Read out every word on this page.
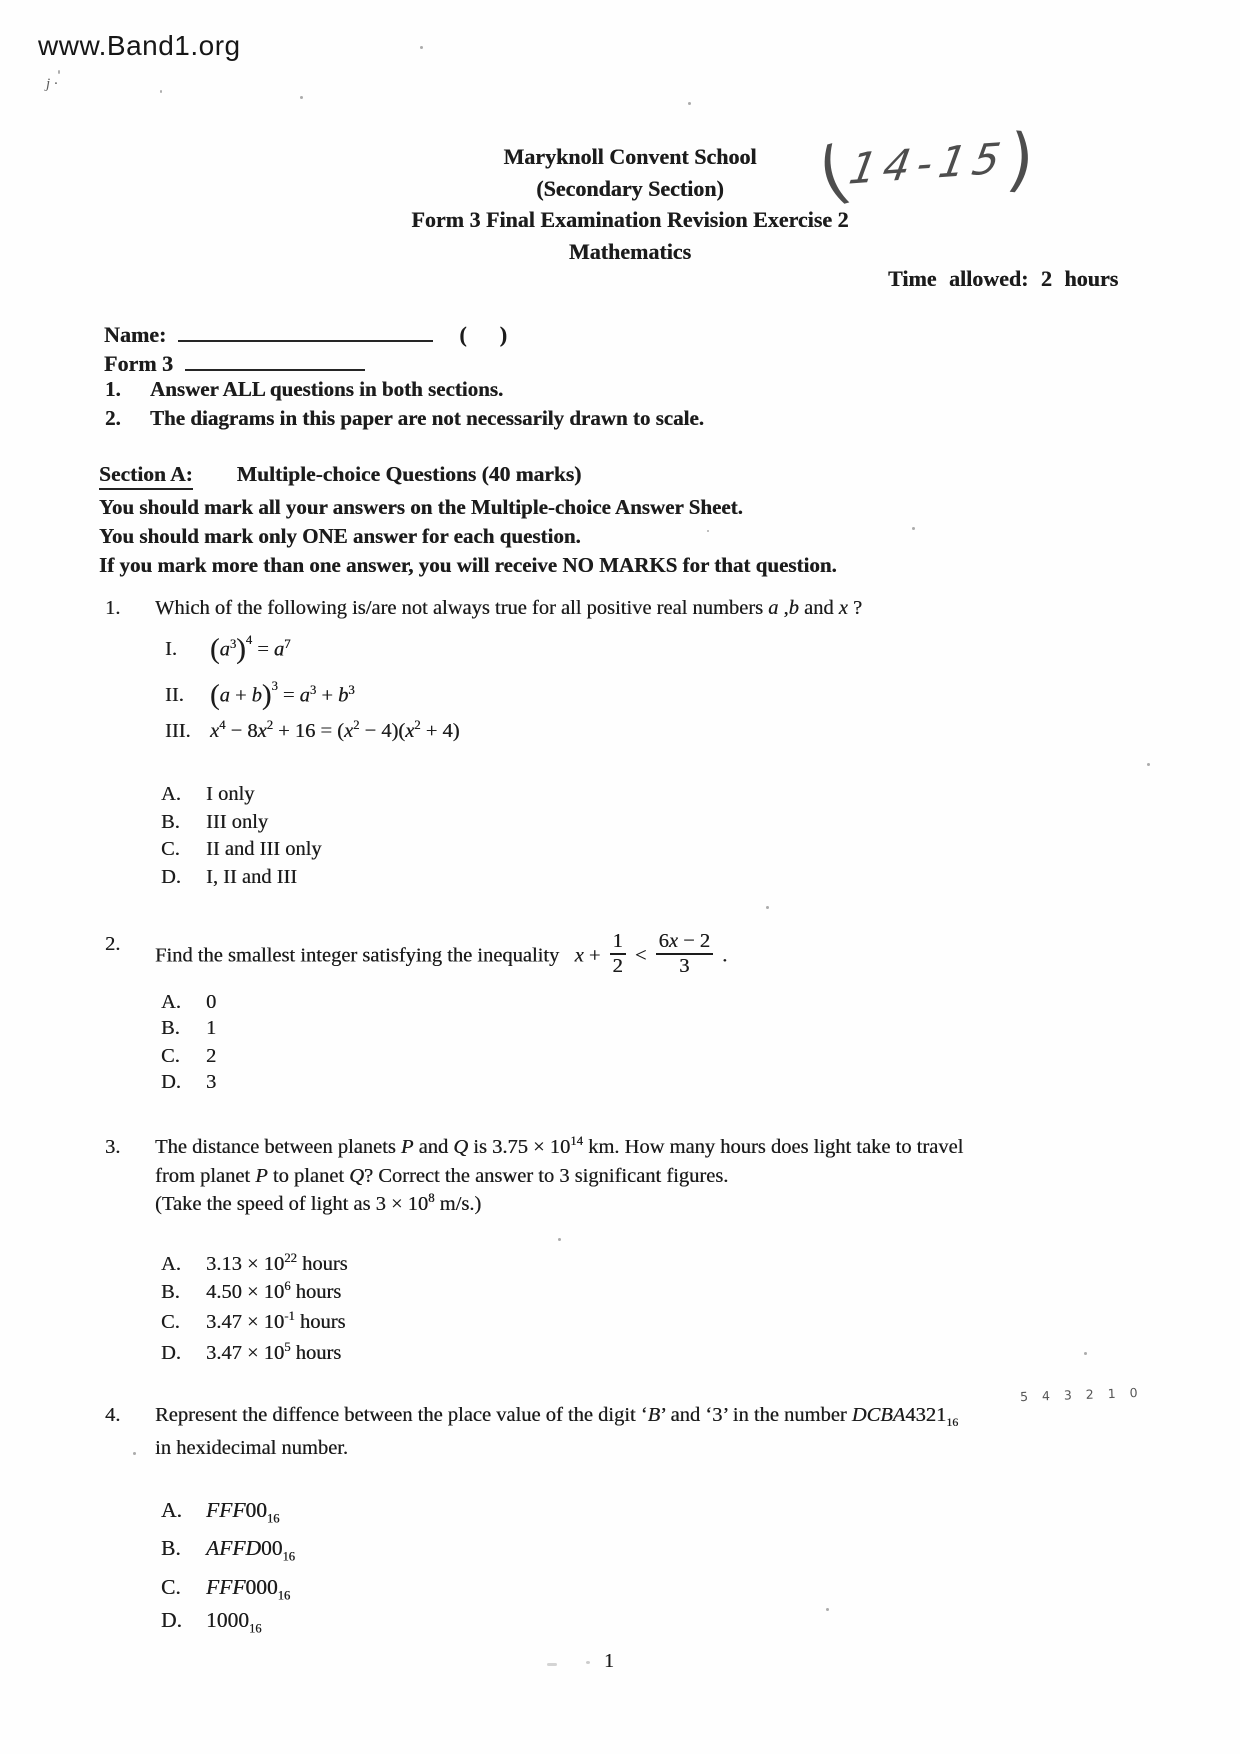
www.Band1.org
j ·
Maryknoll Convent School
(Secondary Section)
Form 3 Final Examination Revision Exercise 2
Mathematics
(
14-15
)
Time allowed: 2 hours
Name:	(      )
Form 3
1.	Answer ALL questions in both sections.
2.	The diagrams in this paper are not necessarily drawn to scale.
Section A: Multiple-choice Questions (40 marks)
You should mark all your answers on the Multiple-choice Answer Sheet.
You should mark only ONE answer for each question.
If you mark more than one answer, you will receive NO MARKS for that question.
1.	Which of the following is/are not always true for all positive real numbers a ,b and x ?
I.	$(a^3)^4 = a^7$
II. $(a + b)^3 = a^3 + b^3$
III. $x^4 - 8x^2 + 16 = (x^2 - 4)(x^2 + 4)$
A.	I only
B.	III only
C.	II and III only
D.	I, II and III
2.
Find the smallest integer satisfying the inequality   $x + \frac{1}{2} < \frac{6x - 2}{3}$ .
A.	0
B.	1
C.	2
D.	3
3.	The distance between planets P and Q is $3.75 \times 10^{14}$ km. How many hours does light take to travel
from planet P to planet Q? Correct the answer to 3 significant figures.
(Take the speed of light as $3 \times 10^8$ m/s.)
A.	$3.13 \times 10^{22}$ hours
B.	$4.50 \times 10^6$ hours
C.	$3.47 \times 10^{-1}$ hours
D.	$3.47 \times 10^5$ hours
5 4 3 2 1 0
4.	Represent the diffence between the place value of the digit ‘B’ and ‘3’ in the number $DCBA4321_{16}$
in hexidecimal number.
A.	$FFF00_{16}$
B.	$AFFD00_{16}$
C.	$FFF000_{16}$
D.	$1000_{16}$
1
